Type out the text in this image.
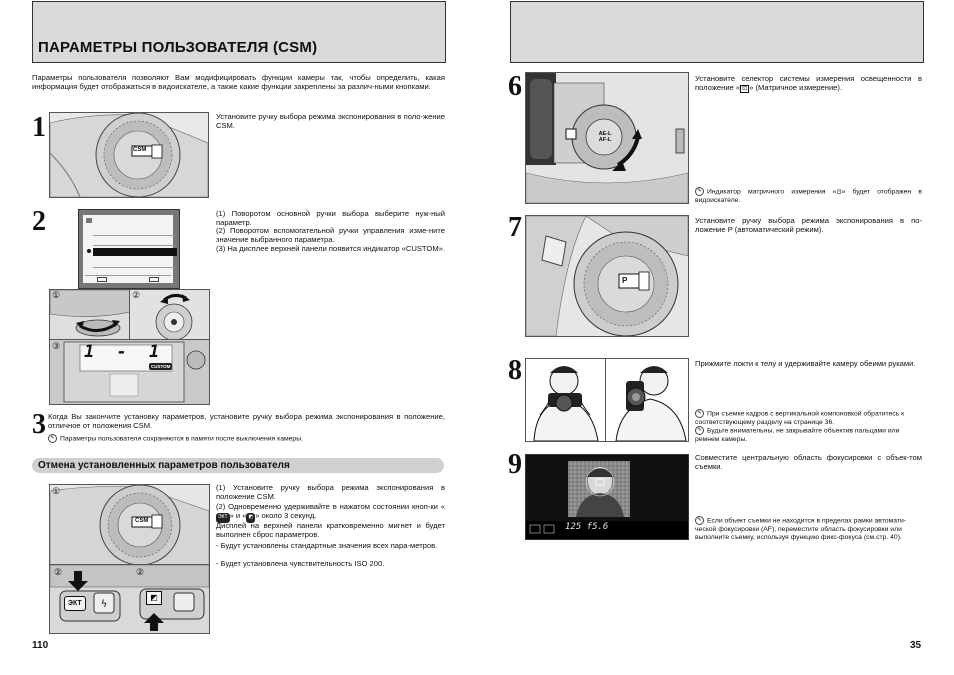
ПАРАМЕТРЫ ПОЛЬЗОВАТЕЛЯ (CSM)
Параметры пользователя позволяют Вам модифицировать функции камеры так, чтобы определить, какая информация будет отображаться в видоискателе, а также какие функции закреплены за различ-ными кнопками.
1
CSM
Установите ручку выбора режима экспонирования в поло-жение CSM.
2
①	②
③ 1 - 1
CUSTOM
(1) Поворотом основной ручки выбора выберите нуж-ный параметр.
(2) Поворотом вспомогательной ручки управления изме-ните значение выбранного параметра.
(3) На дисплее верхней панели появится индикатор «CUSTOM».
3 Когда Вы закончите установку параметров, установите ручку выбора режима экспонирования в положение, отличное от положения CSM.
✎ Параметры пользователя сохраняются в памяти после выключения камеры.
Отмена установленных параметров пользователя
①
CSM
ϟ
ЭКТ
◩
②	②
(1) Установите ручку выбора режима экспонирования в положение CSM.
(2) Одновременно удерживайте в нажатом состоянии кноп-ки «ЭКТ » и « ◩ » около 3 секунд.
Дисплей на верхней панели кратковременно мигнет и будет выполнен сброс параметров.
- Будут установлены стандартные значения всех пара-метров.
- Будет установлена чувствительность ISO 200.
110
6
AE-L AF-L
Установите селектор системы измерения освещенности в положение « ⊡ » (Матричное измерение).
✎ Индикатор матричного измерения «⊡» будет отображен в видоискателе.
7
P
Установите ручку выбора режима экспонирования в по-ложение P (автоматический режим).
8	Прижмите локти к телу и удерживайте камеру обеими руками.
✎ При съемке кадров с вертикальной компоновкой обратитесь к соответствующему разделу на странице 36.
✎ Будьте внимательны, не закрывайте объектив пальцами или ремнем камеры.
9
125 f5.6
Совместите центральную область фокусировки с объек-том съемки.
✎ Если объект съемки не находится в пределах рамки автомати-ческой фокусировки (AF), переместите область фокусировки или выполните съемку, используя функцию фикс-фокуса (см.стр. 40).
35
